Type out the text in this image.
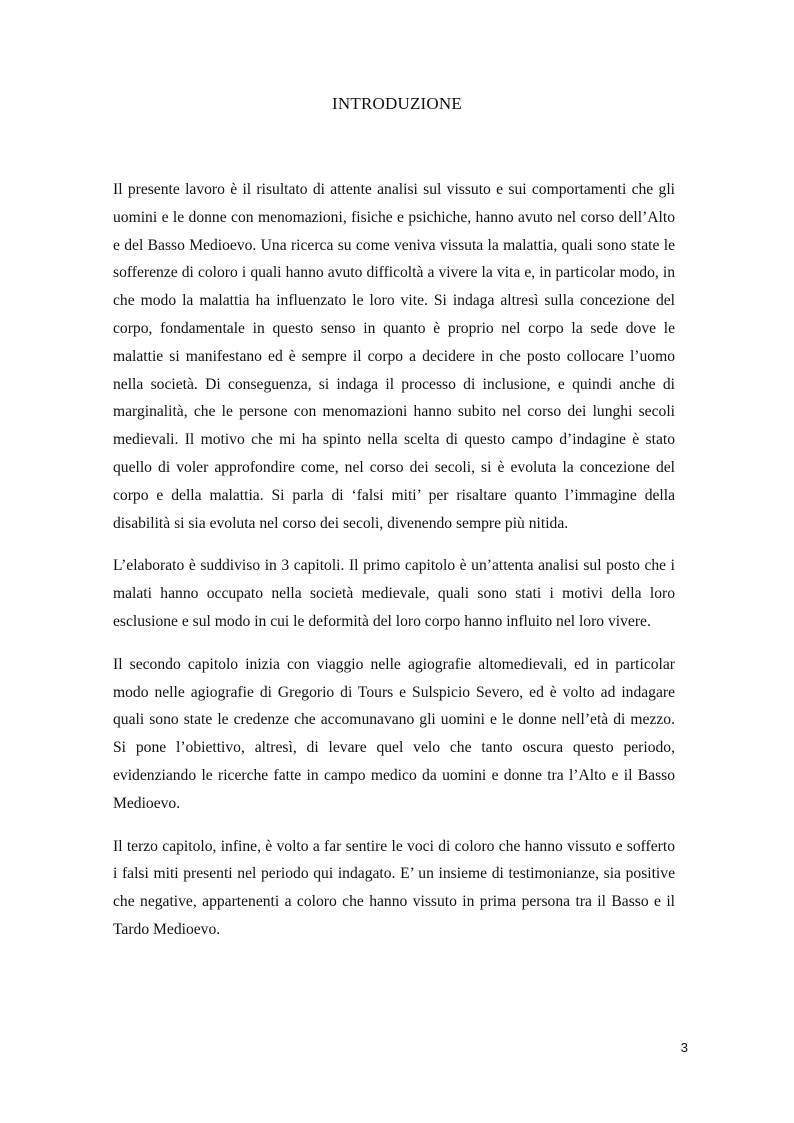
INTRODUZIONE

Il presente lavoro è il risultato di attente analisi sul vissuto e sui comportamenti che gli uomini e le donne con menomazioni, fisiche e psichiche, hanno avuto nel corso dell’Alto e del Basso Medioevo. Una ricerca su come veniva vissuta la malattia, quali sono state le sofferenze di coloro i quali hanno avuto difficoltà a vivere la vita e, in particolar modo, in che modo la malattia ha influenzato le loro vite. Si indaga altresì sulla concezione del corpo, fondamentale in questo senso in quanto è proprio nel corpo la sede dove le malattie si manifestano ed è sempre il corpo a decidere in che posto collocare l’uomo nella società. Di conseguenza, si indaga il processo di inclusione, e quindi anche di marginalità, che le persone con menomazioni hanno subito nel corso dei lunghi secoli medievali. Il motivo che mi ha spinto nella scelta di questo campo d’indagine è stato quello di voler approfondire come, nel corso dei secoli, si è evoluta la concezione del corpo e della malattia. Si parla di ‘falsi miti’ per risaltare quanto l’immagine della disabilità si sia evoluta nel corso dei secoli, divenendo sempre più nitida.

L’elaborato è suddiviso in 3 capitoli. Il primo capitolo è un’attenta analisi sul posto che i malati hanno occupato nella società medievale, quali sono stati i motivi della loro esclusione e sul modo in cui le deformità del loro corpo hanno influito nel loro vivere.

Il secondo capitolo inizia con viaggio nelle agiografie altomedievali, ed in particolar modo nelle agiografie di Gregorio di Tours e Sulspicio Severo, ed è volto ad indagare quali sono state le credenze che accomunavano gli uomini e le donne nell’età di mezzo. Si pone l’obiettivo, altresì, di levare quel velo che tanto oscura questo periodo, evidenziando le ricerche fatte in campo medico da uomini e donne tra l’Alto e il Basso Medioevo.

Il terzo capitolo, infine, è volto a far sentire le voci di coloro che hanno vissuto e sofferto i falsi miti presenti nel periodo qui indagato. E’ un insieme di testimonianze, sia positive che negative, appartenenti a coloro che hanno vissuto in prima persona tra il Basso e il Tardo Medioevo.

3
